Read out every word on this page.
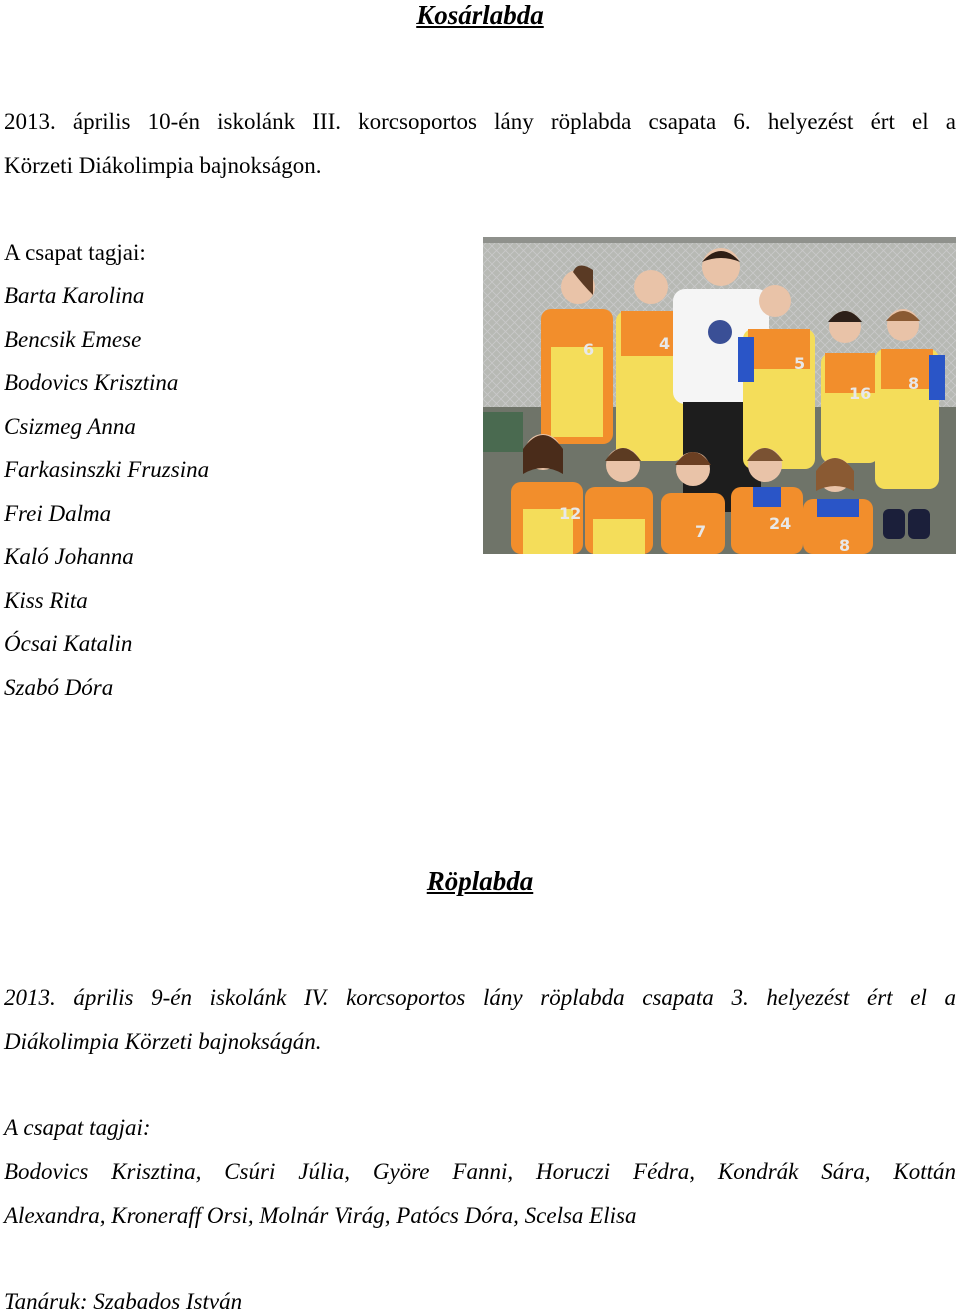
Kosárlabda
2013. április 10-én iskolánk III. korcsoportos lány röplabda csapata 6. helyezést ért el a
Körzeti Diákolimpia bajnokságon.
A csapat tagjai:
Barta Karolina
Bencsik Emese
Bodovics Krisztina
Csizmeg Anna
Farkasinszki Fruzsina
Frei Dalma
Kaló Johanna
Kiss Rita
Ócsai Katalin
Szabó Dóra
6	4
5
16
8
12
7	24
8
Röplabda
2013. április 9-én iskolánk IV. korcsoportos lány röplabda csapata 3. helyezést ért el a
Diákolimpia Körzeti bajnokságán.
A csapat tagjai:
Bodovics Krisztina, Csúri Júlia, Györe Fanni, Horuczi Fédra, Kondrák Sára, Kottán
Alexandra, Kroneraff Orsi, Molnár Virág, Patócs Dóra, Scelsa Elisa
Tanáruk: Szabados István
